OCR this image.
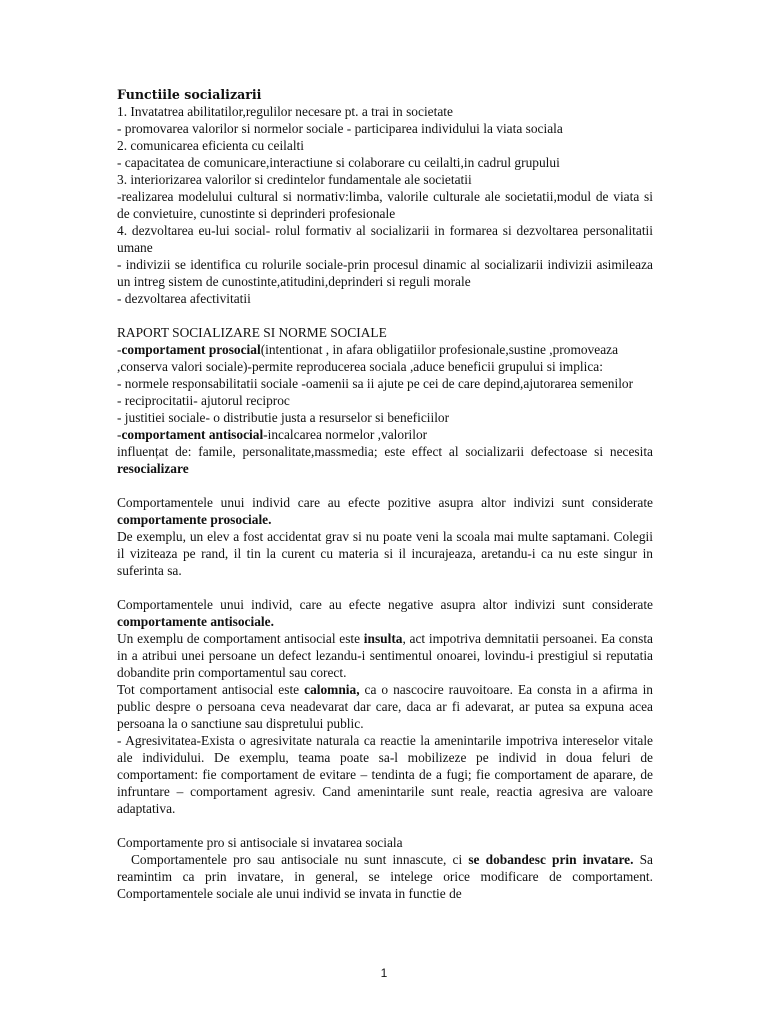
Functiile socializarii

1. Invatatrea abilitatilor,regulilor necesare pt. a trai in societate

- promovarea valorilor si normelor sociale - participarea individului la viata sociala

2. comunicarea eficienta cu ceilalti

- capacitatea de comunicare,interactiune si colaborare cu ceilalti,in cadrul grupului

3. interiorizarea valorilor si credintelor fundamentale ale societatii

-realizarea modelului cultural si normativ:limba, valorile culturale ale societatii,modul de viata si de convietuire, cunostinte si deprinderi profesionale

4. dezvoltarea eu-lui social- rolul formativ al socializarii in formarea si dezvoltarea personalitatii umane

- indivizii se identifica cu rolurile sociale-prin procesul dinamic al socializarii indivizii asimileaza un intreg sistem de cunostinte,atitudini,deprinderi si reguli morale

- dezvoltarea afectivitatii

RAPORT SOCIALIZARE SI NORME SOCIALE

-comportament prosocial(intentionat , in afara obligatiilor profesionale,sustine ,promoveaza ,conserva valori sociale)-permite reproducerea sociala ,aduce beneficii grupului si implica:

- normele responsabilitatii sociale -oamenii sa ii ajute pe cei de care depind,ajutorarea semenilor

- reciprocitatii- ajutorul reciproc

- justitiei sociale- o distributie justa a resurselor si beneficiilor

-comportament antisocial-incalcarea normelor ,valorilor

influențat de: famile, personalitate,massmedia; este effect al socializarii defectoase si necesita resocializare

Comportamentele unui individ care au efecte pozitive asupra altor indivizi sunt considerate comportamente prosociale.

De exemplu, un elev a fost accidentat grav si nu poate veni la scoala mai multe saptamani. Colegii il viziteaza pe rand, il tin la curent cu materia si il incurajeaza, aretandu-i ca nu este singur in suferinta sa.

Comportamentele unui individ, care au efecte negative asupra altor indivizi sunt considerate comportamente antisociale.

Un exemplu de comportament antisocial este insulta, act impotriva demnitatii persoanei. Ea consta in a atribui unei persoane un defect lezandu-i sentimentul onoarei, lovindu-i prestigiul si reputatia dobandite prin comportamentul sau corect.

Tot comportament antisocial este calomnia, ca o nascocire rauvoitoare. Ea consta in a afirma in public despre o persoana ceva neadevarat dar care, daca ar fi adevarat, ar putea sa expuna acea persoana la o sanctiune sau dispretului public.

- Agresivitatea-Exista o agresivitate naturala ca reactie la amenintarile impotriva intereselor vitale ale individului. De exemplu, teama poate sa-l mobilizeze pe individ in doua feluri de comportament: fie comportament de evitare – tendinta de a fugi; fie comportament de aparare, de infruntare – comportament agresiv. Cand amenintarile sunt reale, reactia agresiva are valoare adaptativa.

Comportamente pro si antisociale si invatarea sociala

Comportamentele pro sau antisociale nu sunt innascute, ci se dobandesc prin invatare. Sa reamintim ca prin invatare, in general, se intelege orice modificare de comportament. Comportamentele sociale ale unui individ se invata in functie de

1
